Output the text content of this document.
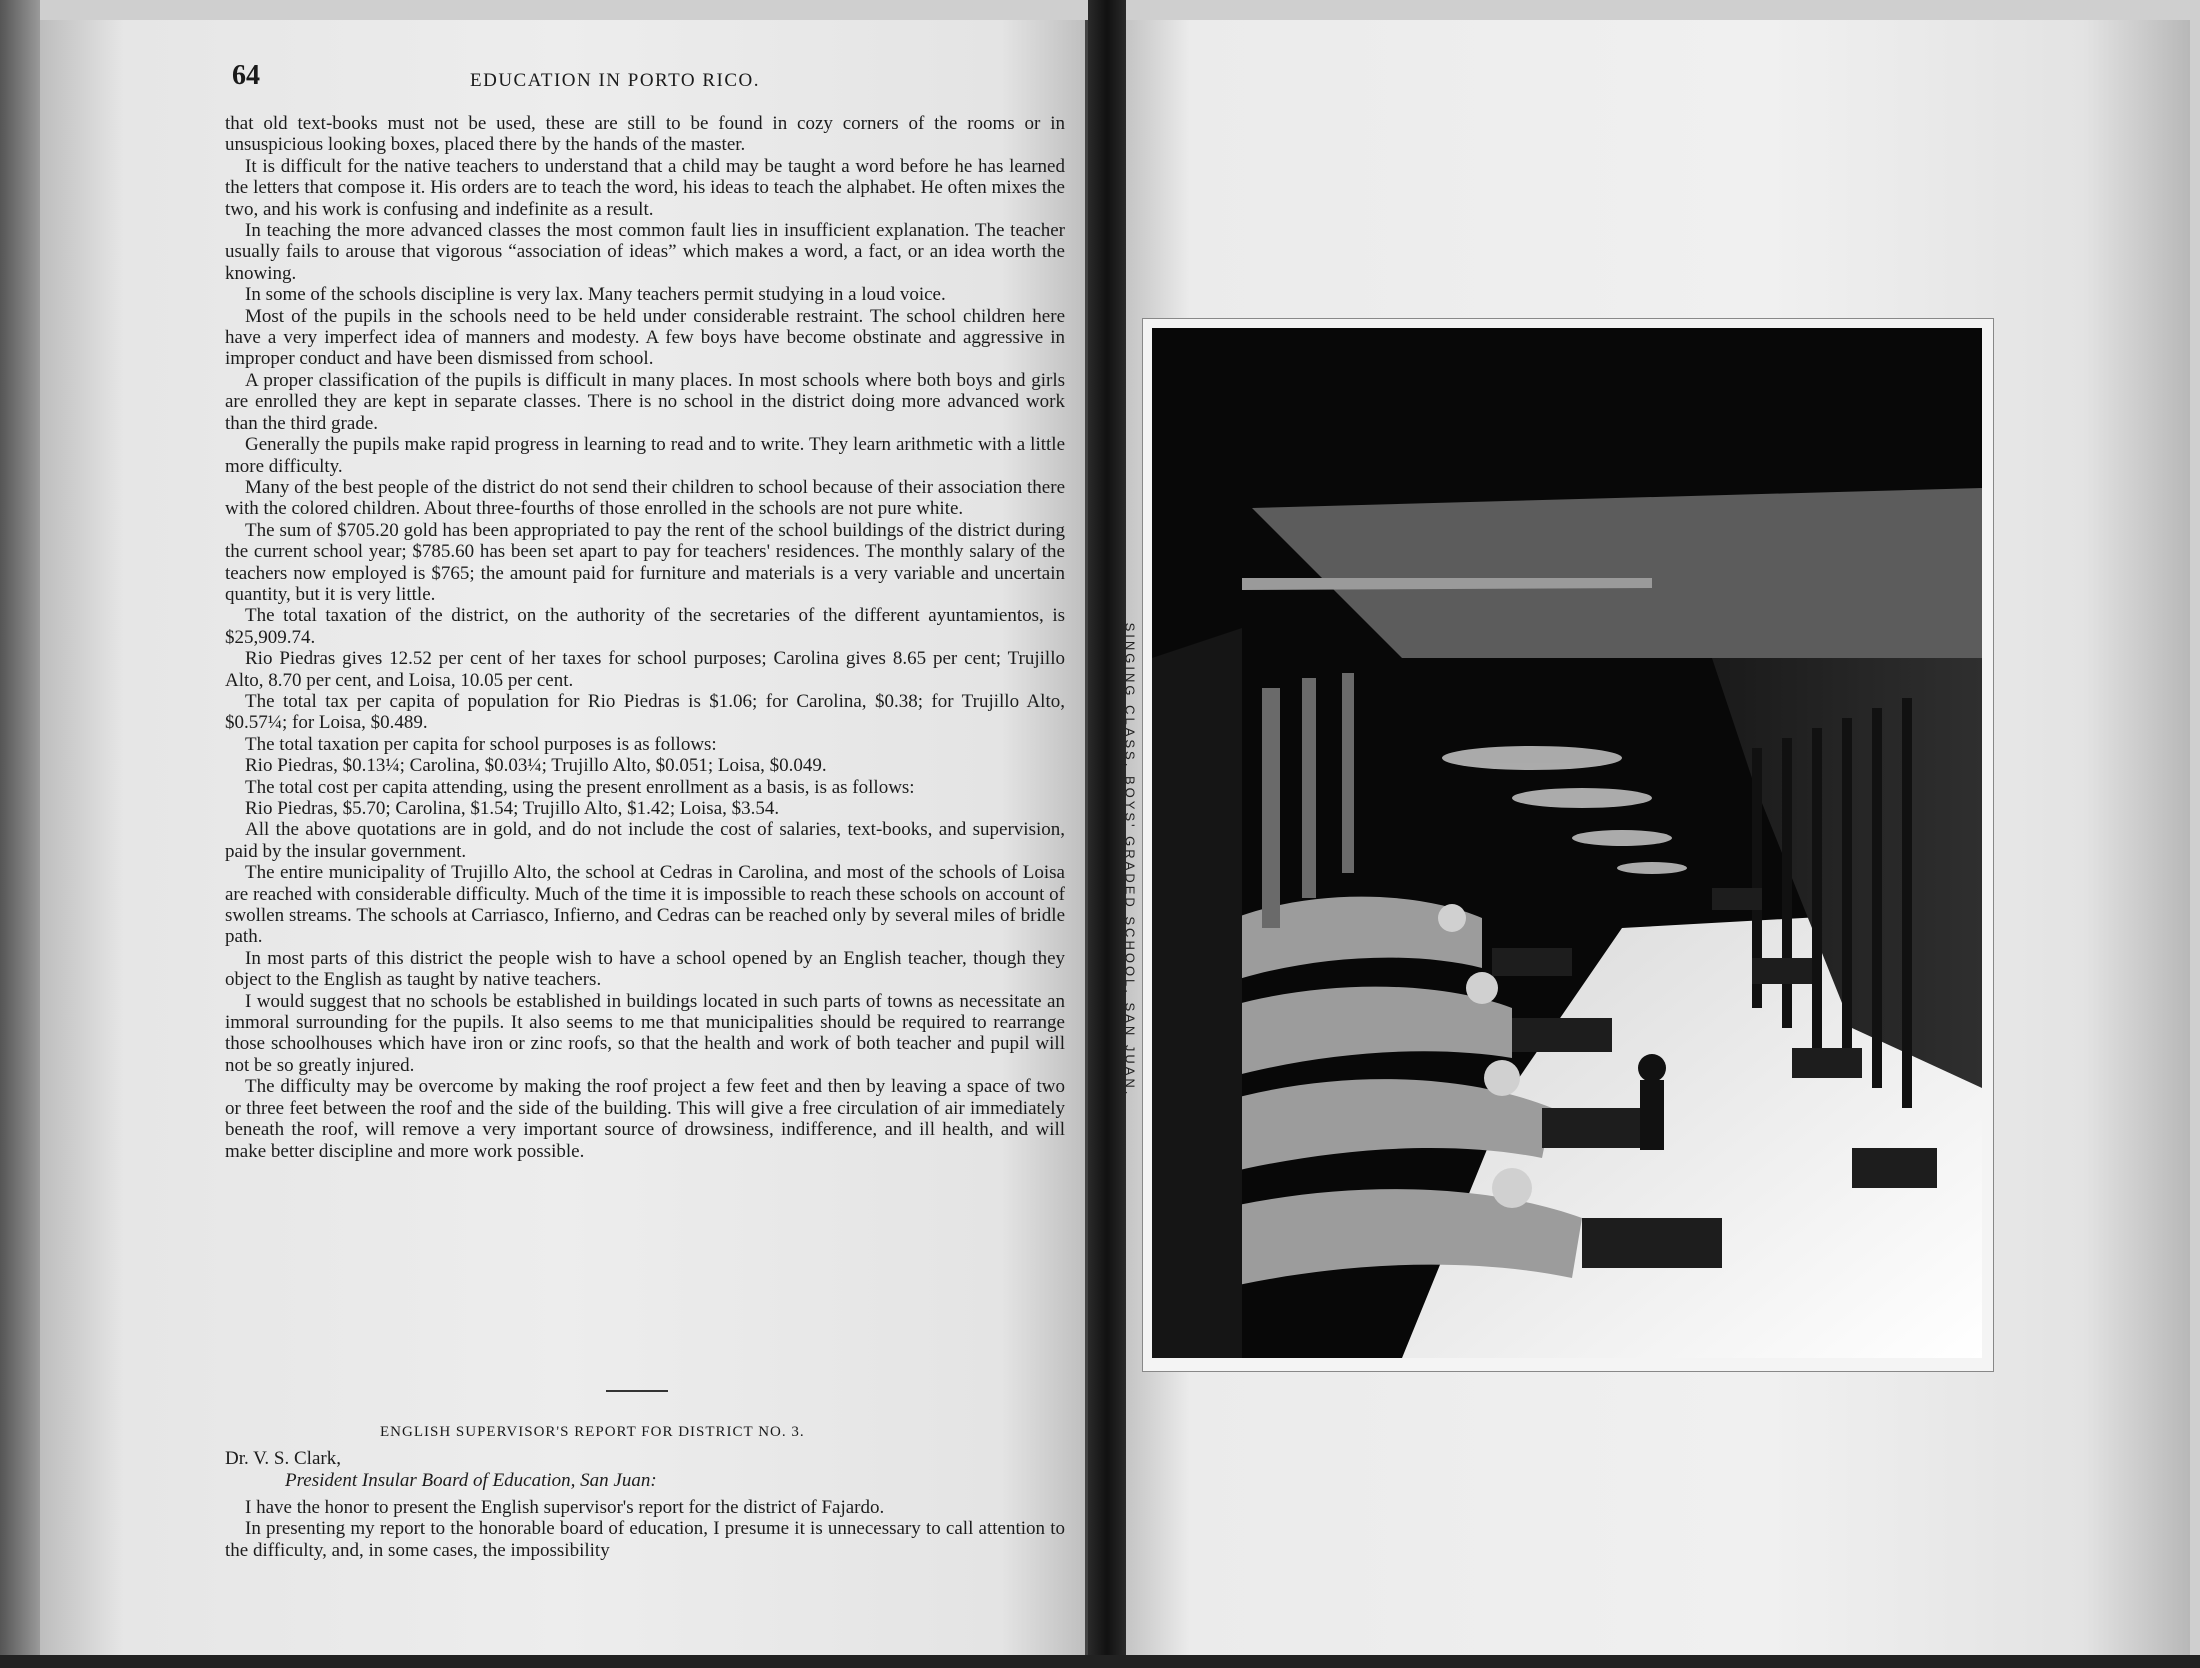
64	EDUCATION IN PORTO RICO.

that old text-books must not be used, these are still to be found in cozy corners of the rooms or in unsuspicious looking boxes, placed there by the hands of the master.

It is difficult for the native teachers to understand that a child may be taught a word before he has learned the letters that compose it. His orders are to teach the word, his ideas to teach the alphabet. He often mixes the two, and his work is confusing and indefinite as a result.

In teaching the more advanced classes the most common fault lies in insufficient explanation. The teacher usually fails to arouse that vigorous “association of ideas” which makes a word, a fact, or an idea worth the knowing.

In some of the schools discipline is very lax. Many teachers permit studying in a loud voice.

Most of the pupils in the schools need to be held under considerable restraint. The school children here have a very imperfect idea of manners and modesty. A few boys have become obstinate and aggressive in improper conduct and have been dismissed from school.

A proper classification of the pupils is difficult in many places. In most schools where both boys and girls are enrolled they are kept in separate classes. There is no school in the district doing more advanced work than the third grade.

Generally the pupils make rapid progress in learning to read and to write. They learn arithmetic with a little more difficulty.

Many of the best people of the district do not send their children to school because of their association there with the colored children. About three-fourths of those enrolled in the schools are not pure white.

The sum of $705.20 gold has been appropriated to pay the rent of the school buildings of the district during the current school year; $785.60 has been set apart to pay for teachers' residences. The monthly salary of the teachers now employed is $765; the amount paid for furniture and materials is a very variable and uncertain quantity, but it is very little.

The total taxation of the district, on the authority of the secretaries of the different ayuntamientos, is $25,909.74.

Rio Piedras gives 12.52 per cent of her taxes for school purposes; Carolina gives 8.65 per cent; Trujillo Alto, 8.70 per cent, and Loisa, 10.05 per cent.

The total tax per capita of population for Rio Piedras is $1.06; for Carolina, $0.38; for Trujillo Alto, $0.57¼; for Loisa, $0.489.

The total taxation per capita for school purposes is as follows:

Rio Piedras, $0.13¼; Carolina, $0.03¼; Trujillo Alto, $0.051; Loisa, $0.049.

The total cost per capita attending, using the present enrollment as a basis, is as follows:

Rio Piedras, $5.70; Carolina, $1.54; Trujillo Alto, $1.42; Loisa, $3.54.

All the above quotations are in gold, and do not include the cost of salaries, text-books, and supervision, paid by the insular government.

The entire municipality of Trujillo Alto, the school at Cedras in Carolina, and most of the schools of Loisa are reached with considerable difficulty. Much of the time it is impossible to reach these schools on account of swollen streams. The schools at Carriasco, Infierno, and Cedras can be reached only by several miles of bridle path.

In most parts of this district the people wish to have a school opened by an English teacher, though they object to the English as taught by native teachers.

I would suggest that no schools be established in buildings located in such parts of towns as necessitate an immoral surrounding for the pupils. It also seems to me that municipalities should be required to rearrange those schoolhouses which have iron or zinc roofs, so that the health and work of both teacher and pupil will not be so greatly injured.

The difficulty may be overcome by making the roof project a few feet and then by leaving a space of two or three feet between the roof and the side of the building. This will give a free circulation of air immediately beneath the roof, will remove a very important source of drowsiness, indifference, and ill health, and will make better discipline and more work possible.

ENGLISH SUPERVISOR'S REPORT FOR DISTRICT NO. 3.
Dr. V. S. Clark,
President Insular Board of Education, San Juan:

I have the honor to present the English supervisor's report for the district of Fajardo.

In presenting my report to the honorable board of education, I presume it is unnecessary to call attention to the difficulty, and, in some cases, the impossibility

SINGING CLASS, BOYS' GRADED SCHOOL, SAN JUAN.
